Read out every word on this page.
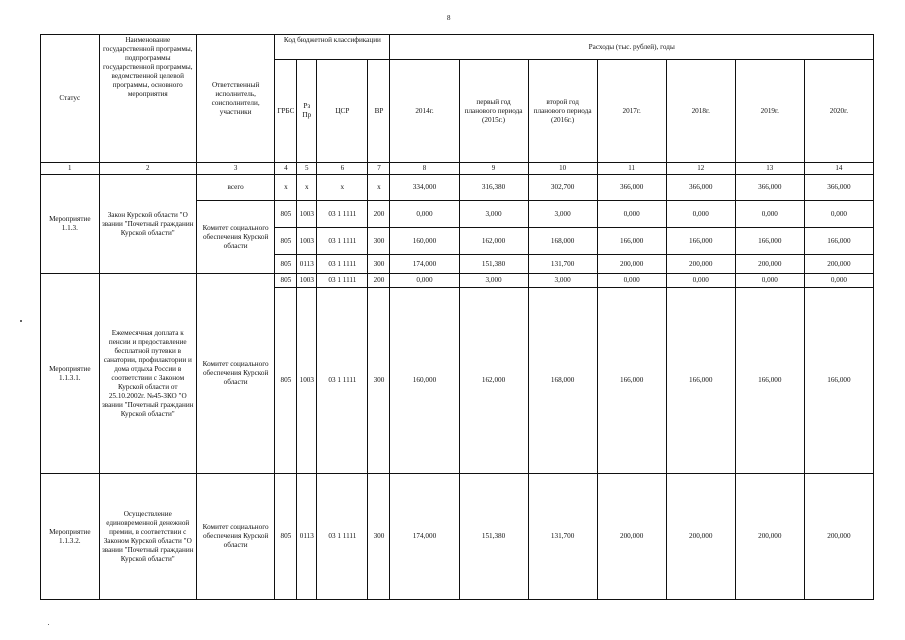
8
Статус	Наименование государственной программы, подпрограммы государственной программы, ведомственной целевой программы, основного мероприятия	Ответственный исполнитель, соисполнители, участники	Код бюджетной классификации				Расходы (тыс. рублей), годы						
			ГРБС	Рз Пр	ЦСР	ВР	2014г.	первый год планового периода (2015г.)	второй год планового периода (2016г.)	2017г.	2018г.	2019г.	2020г.
1	2	3	4	5	6	7	8	9	10	11	12	13	14
Мероприятие 1.1.3.	Закон Курской области "О звании "Почетный гражданин Курской области"	всего	х	х	х	х	334,000	316,380	302,700	366,000	366,000	366,000	366,000
		Комитет социального обеспечения Курской области	805	1003	03 1 1111	200	0,000	3,000	3,000	0,000	0,000	0,000	0,000
			805	1003	03 1 1111	300	160,000	162,000	168,000	166,000	166,000	166,000	166,000
			805	0113	03 1 1111	300	174,000	151,380	131,700	200,000	200,000	200,000	200,000
Мероприятие 1.1.3.1.	Ежемесячная доплата к пенсии и предоставление бесплатной путевки в санатории, профилактории и дома отдыха России в соответствии с Законом Курской области от 25.10.2002г. №45-ЗКО "О звании "Почетный гражданин Курской области"	Комитет социального обеспечения Курской области	805	1003	03 1 1111	200	0,000	3,000	3,000	0,000	0,000	0,000	0,000
			805	1003	03 1 1111	300	160,000	162,000	168,000	166,000	166,000	166,000	166,000
Мероприятие 1.1.3.2.	Осуществление единовременной денежной премии, в соответствии с Законом Курской области "О звании "Почетный гражданин Курской области"	Комитет социального обеспечения Курской области	805	0113	03 1 1111	300	174,000	151,380	131,700	200,000	200,000	200,000	200,000
